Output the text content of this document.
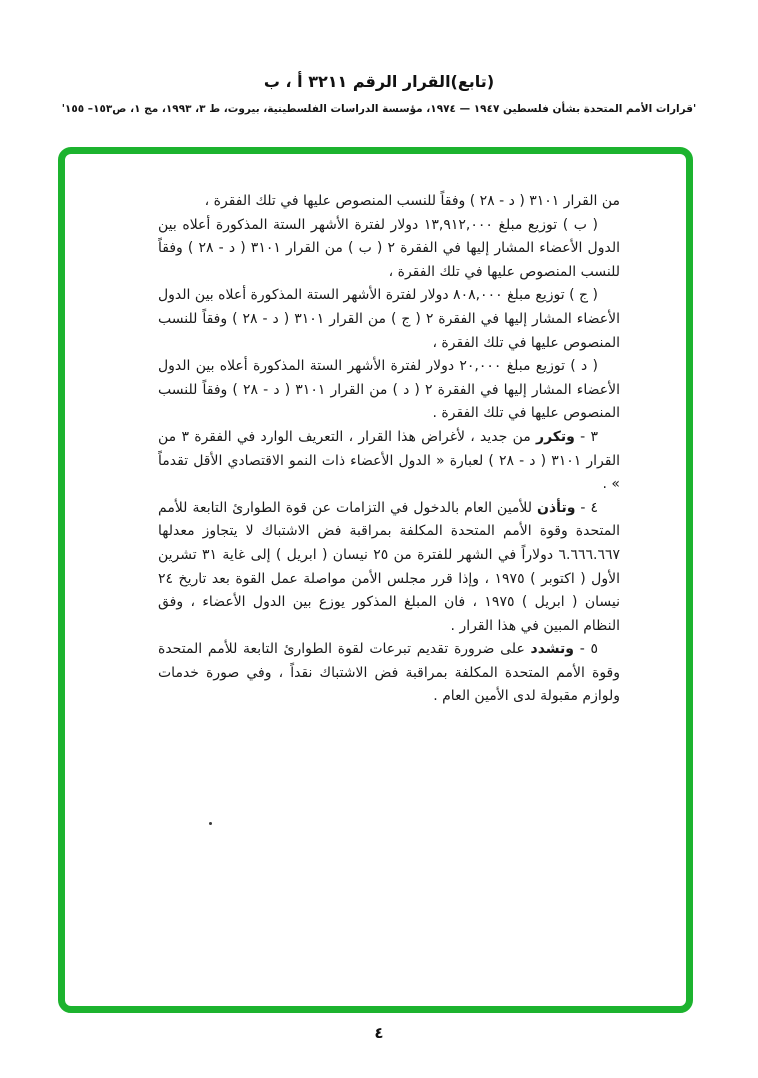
(تابع)القرار الرقم ٣٢١١ أ ، ب
'قرارات الأمم المتحدة بشأن فلسطين ١٩٤٧ — ١٩٧٤، مؤسسة الدراسات الفلسطينية، بيروت، ط ٣، ١٩٩٣، مج ١، ص١٥٣– ١٥٥'

من القرار ٣١٠١ ( د - ٢٨ ) وفقاً للنسب المنصوص عليها في تلك الفقرة ،

( ب ) توزيع مبلغ ١٣,٩١٢,٠٠٠ دولار لفترة الأشهر الستة المذكورة أعلاه بين الدول الأعضاء المشار إليها في الفقرة ٢ ( ب ) من القرار ٣١٠١ ( د - ٢٨ ) وفقاً للنسب المنصوص عليها في تلك الفقرة ،

( ج ) توزيع مبلغ ٨٠٨,٠٠٠ دولار لفترة الأشهر الستة المذكورة أعلاه بين الدول الأعضاء المشار إليها في الفقرة ٢ ( ج ) من القرار ٣١٠١ ( د - ٢٨ ) وفقاً للنسب المنصوص عليها في تلك الفقرة ،

( د ) توزيع مبلغ ٢٠,٠٠٠ دولار لفترة الأشهر الستة المذكورة أعلاه بين الدول الأعضاء المشار إليها في الفقرة ٢ ( د ) من القرار ٣١٠١ ( د - ٢٨ ) وفقاً للنسب المنصوص عليها في تلك الفقرة .

٣ - وتكرر من جديد ، لأغراض هذا القرار ، التعريف الوارد في الفقرة ٣ من القرار ٣١٠١ ( د - ٢٨ ) لعبارة « الدول الأعضاء ذات النمو الاقتصادي الأقل تقدماً » .

٤ - وتأذن للأمين العام بالدخول في التزامات عن قوة الطوارئ التابعة للأمم المتحدة وقوة الأمم المتحدة المكلفة بمراقبة فض الاشتباك لا يتجاوز معدلها ٦.٦٦٦.٦٦٧ دولاراً في الشهر للفترة من ٢٥ نيسان ( ابريل ) إلى غاية ٣١ تشرين الأول ( اكتوبر ) ١٩٧٥ ، وإذا قرر مجلس الأمن مواصلة عمل القوة بعد تاريخ ٢٤ نيسان ( ابريل ) ١٩٧٥ ، فان المبلغ المذكور يوزع بين الدول الأعضاء ، وفق النظام المبين في هذا القرار .

٥ - وتشدد على ضرورة تقديم تبرعات لقوة الطوارئ التابعة للأمم المتحدة وقوة الأمم المتحدة المكلفة بمراقبة فض الاشتباك نقداً ، وفي صورة خدمات ولوازم مقبولة لدى الأمين العام .

٤
